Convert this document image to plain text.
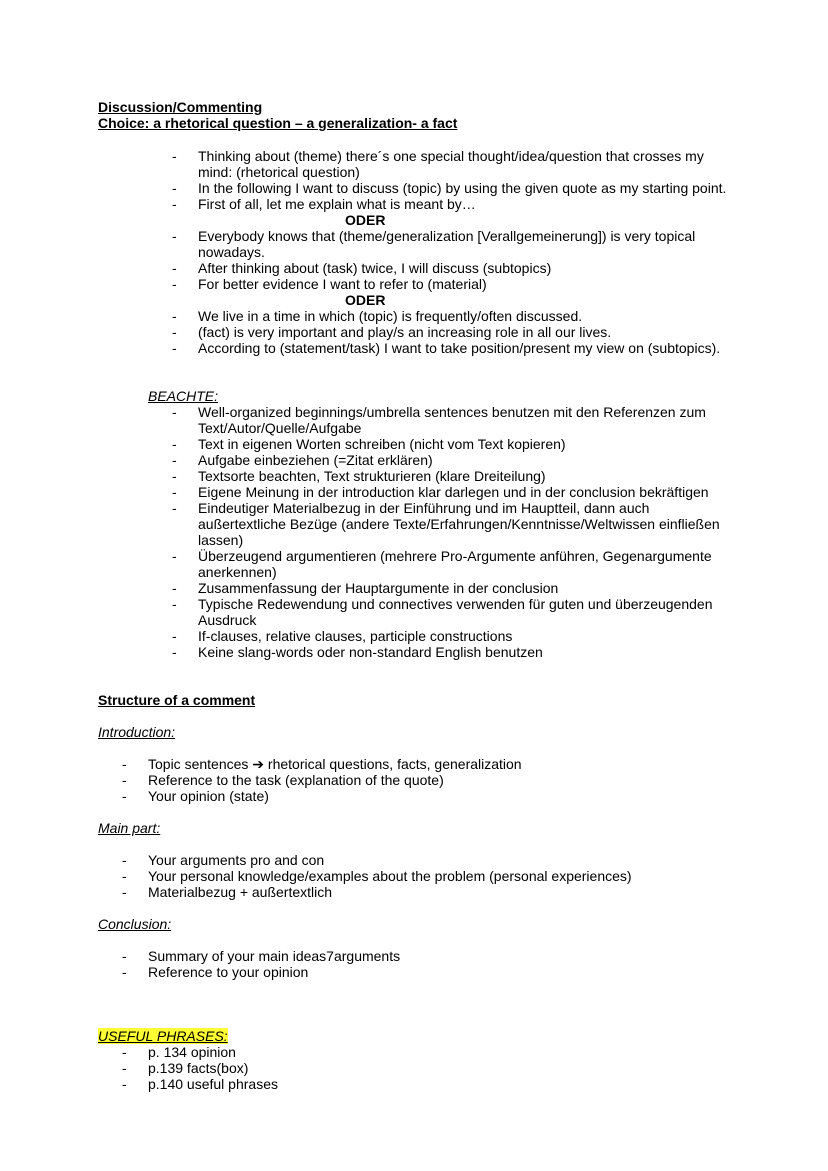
Discussion/Commenting
Choice: a rhetorical question – a generalization- a fact
- Thinking about (theme) there´s one special thought/idea/question that crosses my mind: (rhetorical question)
- In the following I want to discuss (topic) by using the given quote as my starting point.
- First of all, let me explain what is meant by…
ODER
- Everybody knows that (theme/generalization [Verallgemeinerung]) is very topical nowadays.
- After thinking about (task) twice, I will discuss (subtopics)
- For better evidence I want to refer to (material)
ODER
- We live in a time in which (topic) is frequently/often discussed.
- (fact) is very important and play/s an increasing role in all our lives.
- According to (statement/task) I want to take position/present my view on (subtopics).
BEACHTE:
- Well-organized beginnings/umbrella sentences benutzen mit den Referenzen zum Text/Autor/Quelle/Aufgabe
- Text in eigenen Worten schreiben (nicht vom Text kopieren)
- Aufgabe einbeziehen (=Zitat erklären)
- Textsorte beachten, Text strukturieren (klare Dreiteilung)
- Eigene Meinung in der introduction klar darlegen und in der conclusion bekräftigen
- Eindeutiger Materialbezug in der Einführung und im Hauptteil, dann auch außertextliche Bezüge (andere Texte/Erfahrungen/Kenntnisse/Weltwissen einfließen lassen)
- Überzeugend argumentieren (mehrere Pro-Argumente anführen, Gegenargumente anerkennen)
- Zusammenfassung der Hauptargumente in der conclusion
- Typische Redewendung und connectives verwenden für guten und überzeugenden Ausdruck
- If-clauses, relative clauses, participle constructions
- Keine slang-words oder non-standard English benutzen
Structure of a comment
Introduction:
- Topic sentences ➔ rhetorical questions, facts, generalization
- Reference to the task (explanation of the quote)
- Your opinion (state)
Main part:
- Your arguments pro and con
- Your personal knowledge/examples about the problem (personal experiences)
- Materialbezug + außertextlich
Conclusion:
- Summary of your main ideas7arguments
- Reference to your opinion
USEFUL PHRASES:
- p. 134 opinion
- p.139 facts(box)
- p.140 useful phrases
